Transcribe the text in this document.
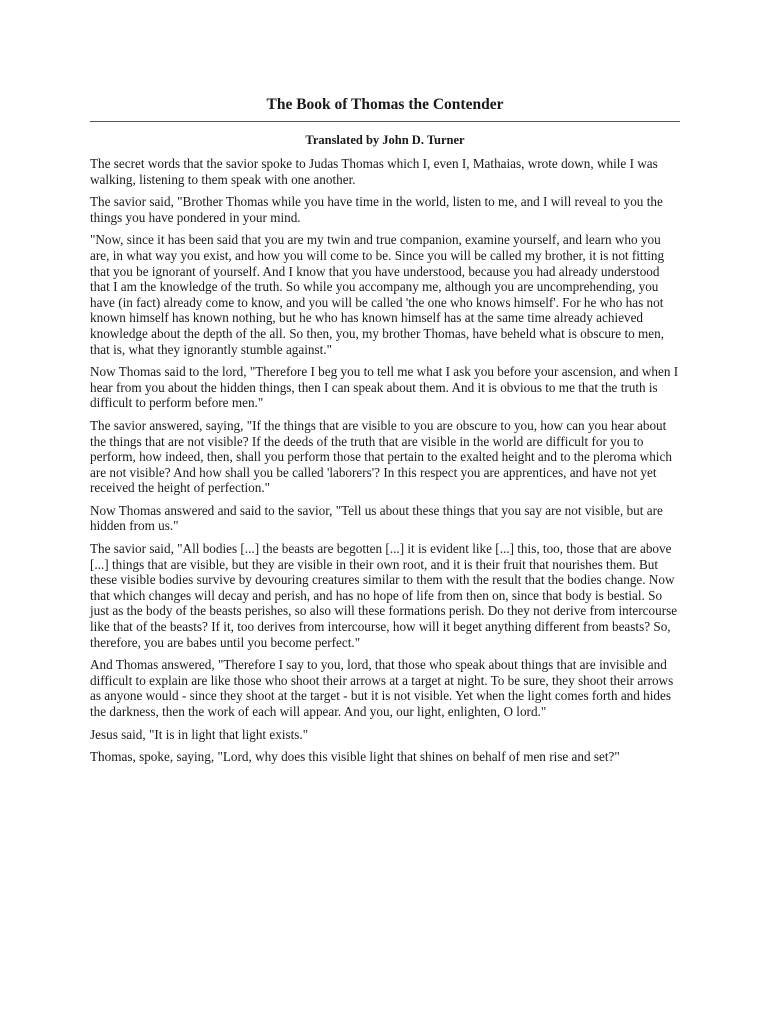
The Book of Thomas the Contender
Translated by John D. Turner

The secret words that the savior spoke to Judas Thomas which I, even I, Mathaias, wrote down, while I was walking, listening to them speak with one another.

The savior said, "Brother Thomas while you have time in the world, listen to me, and I will reveal to you the things you have pondered in your mind.

"Now, since it has been said that you are my twin and true companion, examine yourself, and learn who you are, in what way you exist, and how you will come to be. Since you will be called my brother, it is not fitting that you be ignorant of yourself. And I know that you have understood, because you had already understood that I am the knowledge of the truth. So while you accompany me, although you are uncomprehending, you have (in fact) already come to know, and you will be called 'the one who knows himself'. For he who has not known himself has known nothing, but he who has known himself has at the same time already achieved knowledge about the depth of the all. So then, you, my brother Thomas, have beheld what is obscure to men, that is, what they ignorantly stumble against."

Now Thomas said to the lord, "Therefore I beg you to tell me what I ask you before your ascension, and when I hear from you about the hidden things, then I can speak about them. And it is obvious to me that the truth is difficult to perform before men."

The savior answered, saying, "If the things that are visible to you are obscure to you, how can you hear about the things that are not visible? If the deeds of the truth that are visible in the world are difficult for you to perform, how indeed, then, shall you perform those that pertain to the exalted height and to the pleroma which are not visible? And how shall you be called 'laborers'? In this respect you are apprentices, and have not yet received the height of perfection."

Now Thomas answered and said to the savior, "Tell us about these things that you say are not visible, but are hidden from us."

The savior said, "All bodies [...] the beasts are begotten [...] it is evident like [...] this, too, those that are above [...] things that are visible, but they are visible in their own root, and it is their fruit that nourishes them. But these visible bodies survive by devouring creatures similar to them with the result that the bodies change. Now that which changes will decay and perish, and has no hope of life from then on, since that body is bestial. So just as the body of the beasts perishes, so also will these formations perish. Do they not derive from intercourse like that of the beasts? If it, too derives from intercourse, how will it beget anything different from beasts? So, therefore, you are babes until you become perfect."

And Thomas answered, "Therefore I say to you, lord, that those who speak about things that are invisible and difficult to explain are like those who shoot their arrows at a target at night. To be sure, they shoot their arrows as anyone would - since they shoot at the target - but it is not visible. Yet when the light comes forth and hides the darkness, then the work of each will appear. And you, our light, enlighten, O lord."

Jesus said, "It is in light that light exists."

Thomas, spoke, saying, "Lord, why does this visible light that shines on behalf of men rise and set?"
